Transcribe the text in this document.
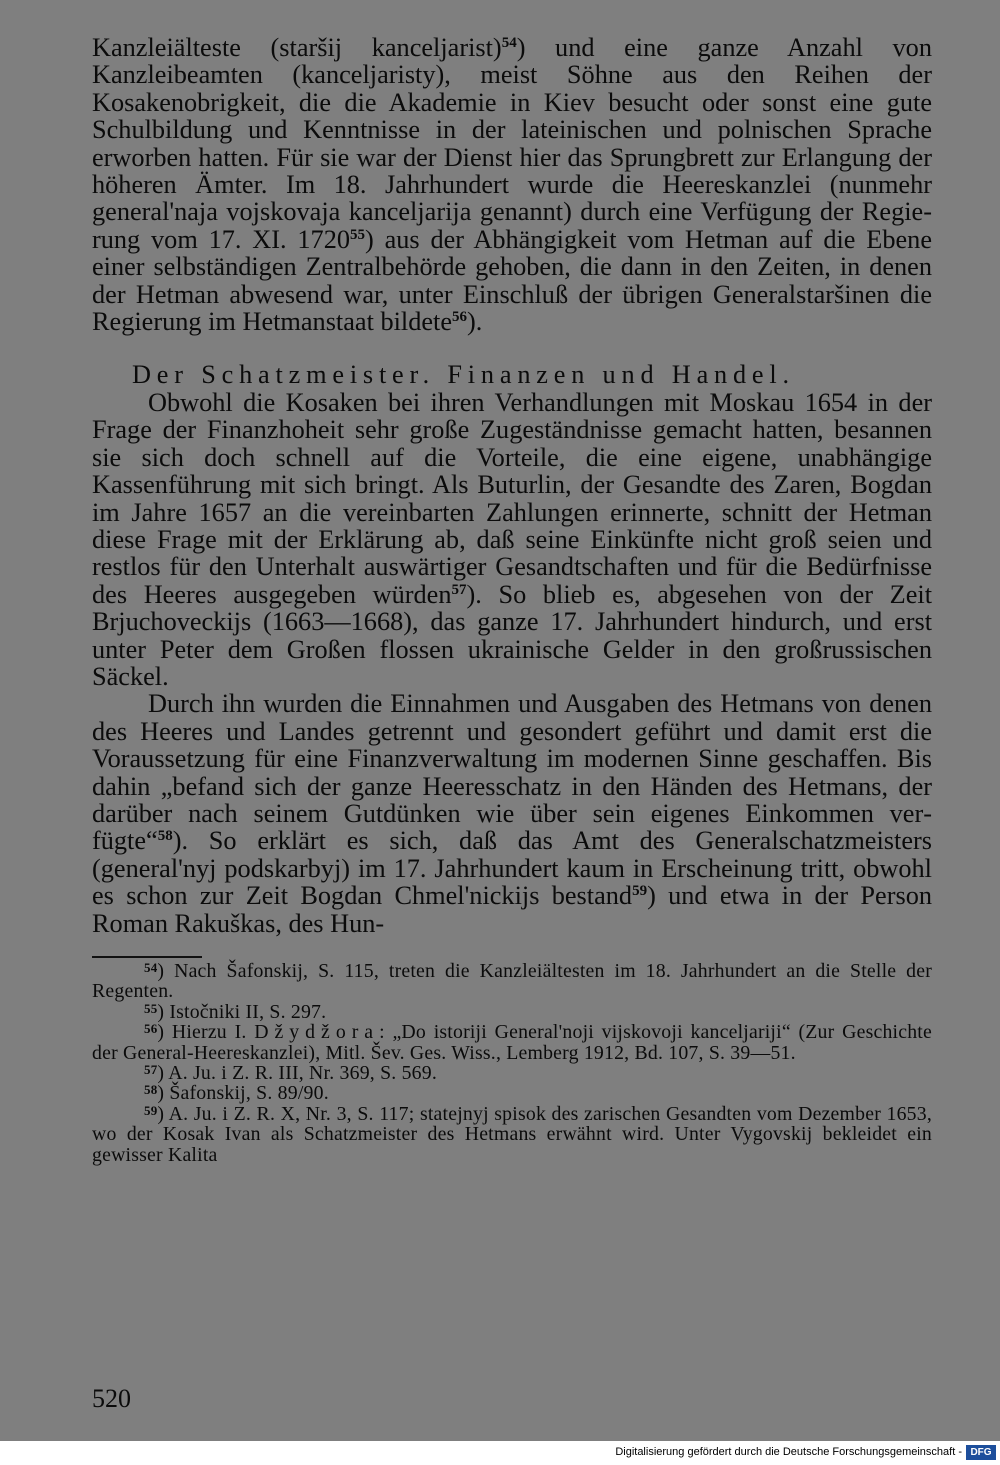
Kanzleiälteste (staršij kanceljarist)$^{54}$) und eine ganze Anzahl von Kanzleibeamten (kanceljaristy), meist Söhne aus den Reihen der Kosakenobrigkeit, die die Akademie in Kiev besucht oder sonst eine gute Schulbildung und Kenntnisse in der lateinischen und polnischen Sprache erworben hatten. Für sie war der Dienst hier das Sprungbrett zur Erlangung der höheren Ämter. Im 18. Jahrhundert wurde die Heereskanzlei (nunmehr general'naja vojskovaja kanceljarija genannt) durch eine Verfügung der Regierung vom 17. XI. 1720$^{55}$) aus der Abhängigkeit vom Hetman auf die Ebene einer selbständigen Zentralbehörde gehoben, die dann in den Zeiten, in denen der Hetman abwesend war, unter Einschluß der übrigen Generalstaršinen die Regierung im Hetmanstaat bildete$^{56}$).

Der Schatzmeister. Finanzen und Handel.

Obwohl die Kosaken bei ihren Verhandlungen mit Moskau 1654 in der Frage der Finanzhoheit sehr große Zugeständnisse gemacht hatten, besannen sie sich doch schnell auf die Vorteile, die eine eigene, unabhängige Kassenführung mit sich bringt. Als Buturlin, der Gesandte des Zaren, Bogdan im Jahre 1657 an die vereinbarten Zahlungen erinnerte, schnitt der Hetman diese Frage mit der Erklärung ab, daß seine Einkünfte nicht groß seien und restlos für den Unterhalt auswärtiger Gesandtschaften und für die Bedürfnisse des Heeres ausgegeben würden$^{57}$). So blieb es, abgesehen von der Zeit Brjuchoveckijs (1663—1668), das ganze 17. Jahrhundert hindurch, und erst unter Peter dem Großen flossen ukrainische Gelder in den großrussischen Säckel.

Durch ihn wurden die Einnahmen und Ausgaben des Hetmans von denen des Heeres und Landes getrennt und gesondert geführt und damit erst die Voraussetzung für eine Finanzverwaltung im modernen Sinne geschaffen. Bis dahin „befand sich der ganze Heeresschatz in den Händen des Hetmans, der darüber nach seinem Gutdünken wie über sein eigenes Einkommen verfügte“$^{58}$). So erklärt es sich, daß das Amt des Generalschatzmeisters (general'nyj podskarbyj) im 17. Jahrhundert kaum in Erscheinung tritt, obwohl es schon zur Zeit Bogdan Chmel'nickijs bestand$^{59}$) und etwa in der Person Roman Rakuškas, des Hun-

$^{54}$) Nach Šafonskij, S. 115, treten die Kanzleiältesten im 18. Jahrhundert an die Stelle der Regenten.

$^{55}$) Istočniki II, S. 297.

$^{56}$) Hierzu I. Džydžora: „Do istoriji General'noji vijskovoji kanceljariji“ (Zur Geschichte der General-Heereskanzlei), Mitl. Šev. Ges. Wiss., Lemberg 1912, Bd. 107, S. 39—51.

$^{57}$) A. Ju. i Z. R. III, Nr. 369, S. 569.

$^{58}$) Šafonskij, S. 89/90.

$^{59}$) A. Ju. i Z. R. X, Nr. 3, S. 117; statejnyj spisok des zarischen Gesandten vom Dezember 1653, wo der Kosak Ivan als Schatzmeister des Hetmans erwähnt wird. Unter Vygovskij bekleidet ein gewisser Kalita

520
Digitalisierung gefördert durch die Deutsche Forschungsgemeinschaft - DFG
